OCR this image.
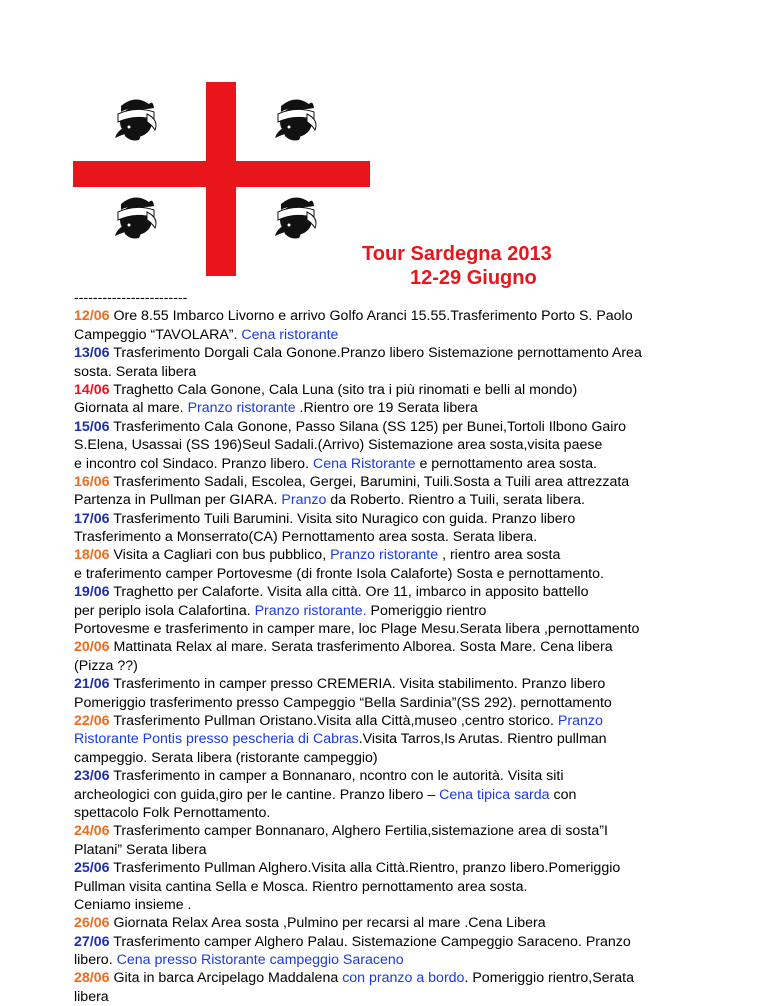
Tour Sardegna 2013
12-29 Giugno
------------------------
12/06 Ore 8.55 Imbarco Livorno e arrivo Golfo Aranci 15.55.Trasferimento Porto S. Paolo
Campeggio “TAVOLARA”. Cena ristorante
13/06 Trasferimento Dorgali Cala Gonone.Pranzo libero Sistemazione pernottamento Area
sosta. Serata libera
14/06 Traghetto Cala Gonone, Cala Luna (sito tra i più rinomati e belli al mondo)
Giornata al mare. Pranzo ristorante .Rientro ore 19 Serata libera
15/06 Trasferimento Cala Gonone, Passo Silana (SS 125) per Bunei,Tortoli Ilbono Gairo
S.Elena, Usassai (SS 196)Seul Sadali.(Arrivo) Sistemazione area sosta,visita paese
e incontro col Sindaco. Pranzo libero. Cena Ristorante e pernottamento area sosta.
16/06 Trasferimento Sadali, Escolea, Gergei, Barumini, Tuili.Sosta a Tuili area attrezzata
Partenza in Pullman per GIARA. Pranzo da Roberto. Rientro a Tuili, serata libera.
17/06 Trasferimento Tuili Barumini. Visita sito Nuragico con guida. Pranzo libero
Trasferimento a Monserrato(CA) Pernottamento area sosta. Serata libera.
18/06 Visita a Cagliari con bus pubblico, Pranzo ristorante , rientro area sosta
e traferimento camper Portovesme (di fronte Isola Calaforte) Sosta e pernottamento.
19/06 Traghetto per Calaforte. Visita alla città. Ore 11, imbarco in apposito battello
per periplo isola Calafortina. Pranzo ristorante. Pomeriggio rientro
Portovesme e trasferimento in camper mare, loc Plage Mesu.Serata libera ,pernottamento
20/06 Mattinata Relax al mare. Serata trasferimento Alborea. Sosta Mare. Cena libera
(Pizza ??)
21/06 Trasferimento in camper presso CREMERIA. Visita stabilimento. Pranzo libero
Pomeriggio trasferimento presso Campeggio “Bella Sardinia”(SS 292). pernottamento
22/06 Trasferimento Pullman Oristano.Visita alla Città,museo ,centro storico. Pranzo
Ristorante Pontis presso pescheria di Cabras.Visita Tarros,Is Arutas. Rientro pullman
campeggio. Serata libera (ristorante campeggio)
23/06 Trasferimento in camper a Bonnanaro, ncontro con le autorità. Visita siti
archeologici con guida,giro per le cantine. Pranzo libero – Cena tipica sarda con
spettacolo Folk Pernottamento.
24/06 Trasferimento camper Bonnanaro, Alghero Fertilia,sistemazione area di sosta”I
Platani” Serata libera
25/06 Trasferimento Pullman Alghero.Visita alla Città.Rientro, pranzo libero.Pomeriggio
Pullman visita cantina Sella e Mosca. Rientro pernottamento area sosta.
Ceniamo insieme .
26/06 Giornata Relax Area sosta ,Pulmino per recarsi al mare .Cena Libera
27/06 Trasferimento camper Alghero Palau. Sistemazione Campeggio Saraceno. Pranzo
libero. Cena presso Ristorante campeggio Saraceno
28/06 Gita in barca Arcipelago Maddalena con pranzo a bordo. Pomeriggio rientro,Serata
libera
